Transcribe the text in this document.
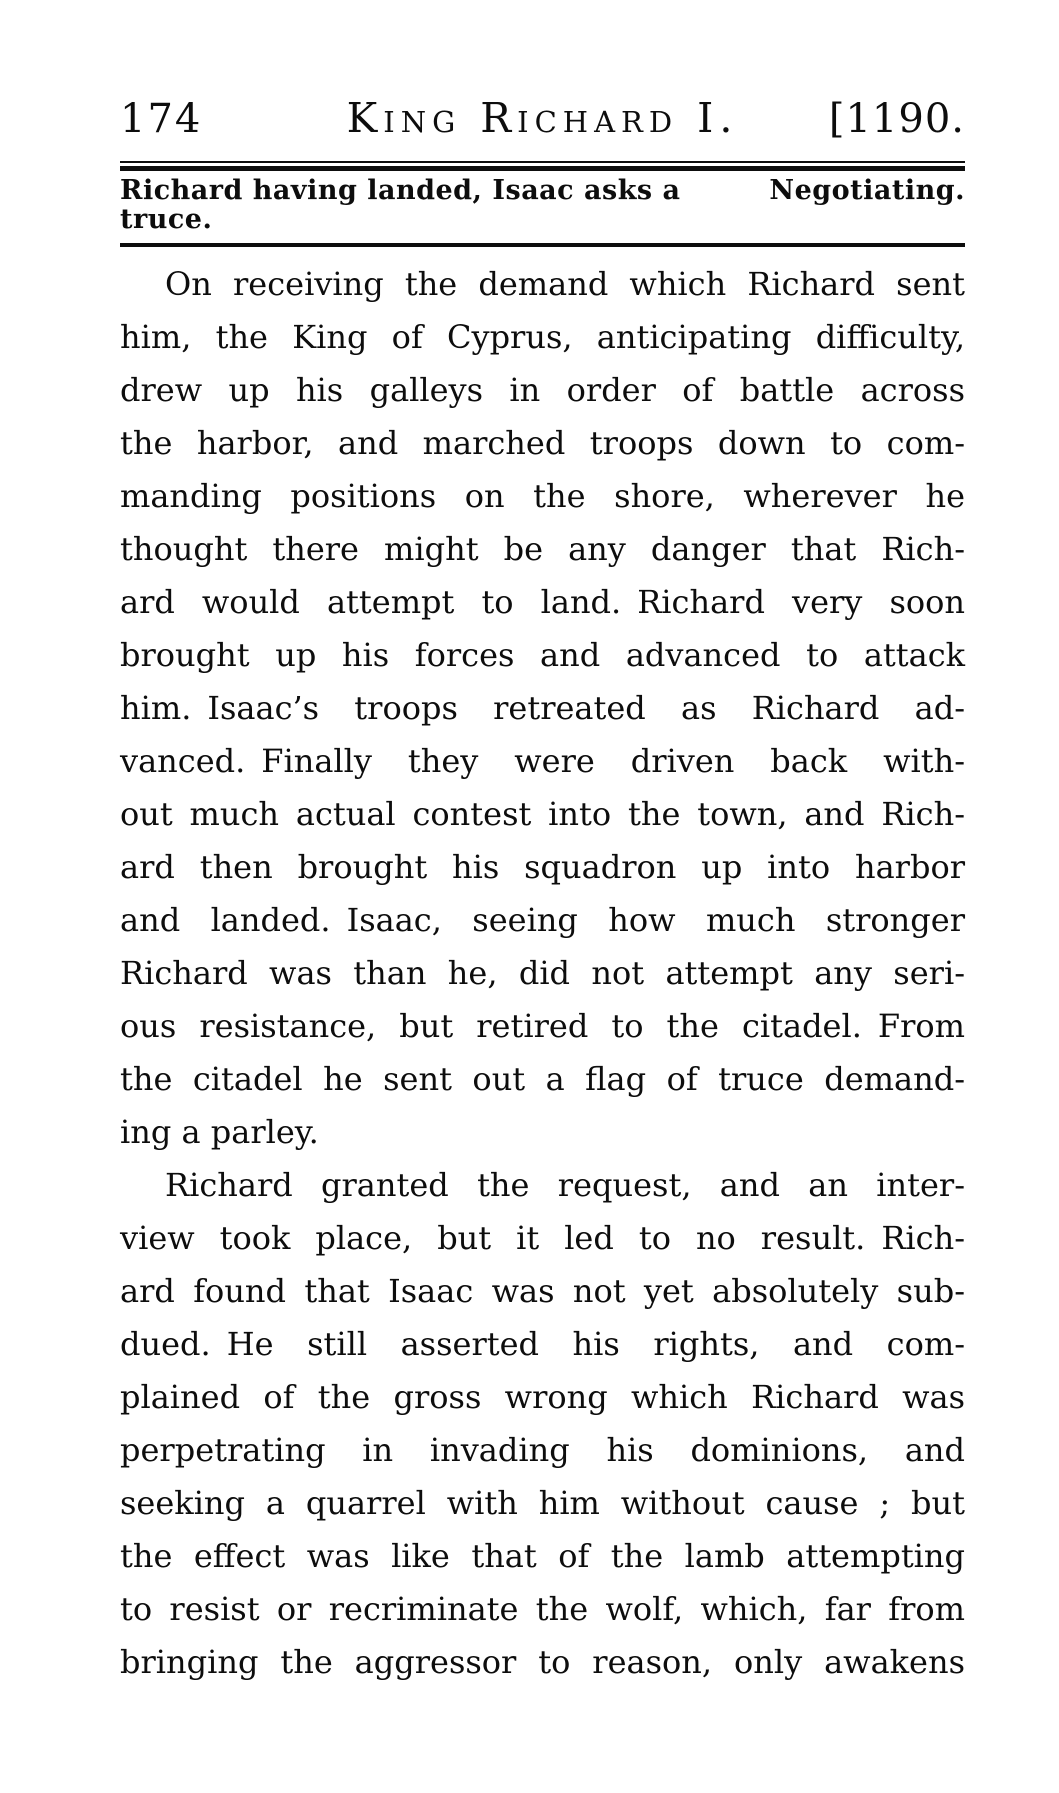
174	King Richard I.	[1190.
Richard having landed, Isaac asks a truce.
Negotiating.
On receiving the demand which Richard sent
him, the King of Cyprus, anticipating difficulty,
drew up his galleys in order of battle across
the harbor, and marched troops down to com-
manding positions on the shore, wherever he
thought there might be any danger that Rich-
ard would attempt to land. Richard very soon
brought up his forces and advanced to attack
him. Isaac’s troops retreated as Richard ad-
vanced. Finally they were driven back with-
out much actual contest into the town, and Rich-
ard then brought his squadron up into harbor
and landed. Isaac, seeing how much stronger
Richard was than he, did not attempt any seri-
ous resistance, but retired to the citadel. From
the citadel he sent out a flag of truce demand-
ing a parley.
Richard granted the request, and an inter-
view took place, but it led to no result. Rich-
ard found that Isaac was not yet absolutely sub-
dued. He still asserted his rights, and com-
plained of the gross wrong which Richard was
perpetrating in invading his dominions, and
seeking a quarrel with him without cause ; but
the effect was like that of the lamb attempting
to resist or recriminate the wolf, which, far from
bringing the aggressor to reason, only awakens
